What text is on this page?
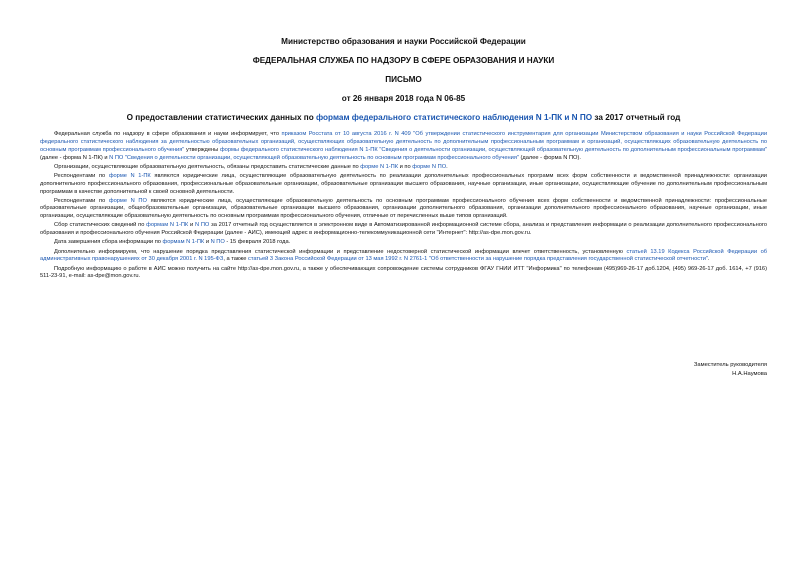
Министерство образования и науки Российской Федерации
ФЕДЕРАЛЬНАЯ СЛУЖБА ПО НАДЗОРУ В СФЕРЕ ОБРАЗОВАНИЯ И НАУКИ
ПИСЬМО
от 26 января 2018 года N 06-85
О предоставлении статистических данных по формам федерального статистического наблюдения N 1-ПК и N ПО за 2017 отчетный год

Федеральная служба по надзору в сфере образования и науки информирует, что приказом Росстата от 10 августа 2016 г. N 409 "Об утверждении статистического инструментария для организации Министерством образования и науки Российской Федерации федерального статистического наблюдения за деятельностью образовательных организаций, осуществляющих образовательную деятельность по дополнительным профессиональным программам и организаций, осуществляющих образовательную деятельность по основным программам профессионального обучения" утверждены формы федерального статистического наблюдения N 1-ПК "Сведения о деятельности организации, осуществляющей образовательную деятельность по дополнительным профессиональным программам" (далее - форма N 1-ПК) и N ПО "Сведения о деятельности организации, осуществляющей образовательную деятельность по основным программам профессионального обучения" (далее - форма N ПО).

Организации, осуществляющие образовательную деятельность, обязаны предоставить статистические данные по форме N 1-ПК и по форме N ПО.

Респондентами по форме N 1-ПК являются юридические лица, осуществляющие образовательную деятельность по реализации дополнительных профессиональных программ всех форм собственности и ведомственной принадлежности: организации дополнительного профессионального образования, профессиональные образовательные организации, образовательные организации высшего образования, научные организации, иные организации, осуществляющие обучение по дополнительным профессиональным программам в качестве дополнительной к своей основной деятельности.

Респондентами по форме N ПО являются юридические лица, осуществляющие образовательную деятельность по основным программам профессионального обучения всех форм собственности и ведомственной принадлежности: профессиональные образовательные организации, общеобразовательные организации, образовательные организации высшего образования, организации дополнительного образования, организации дополнительного профессионального образования, научные организации, иные организации, осуществляющие образовательную деятельность по основным программам профессионального обучения, отличные от перечисленных выше типов организаций.

Сбор статистических сведений по формам N 1-ПК и N ПО за 2017 отчетный год осуществляется в электронном виде в Автоматизированной информационной системе сбора, анализа и представления информации о реализации дополнительного профессионального образования и профессионального обучения Российской Федерации (далее - АИС), имеющей адрес в информационно-телекоммуникационной сети "Интернет": http://as-dpe.mon.gov.ru.

Дата завершения сбора информации по формам N 1-ПК и N ПО - 15 февраля 2018 года.

Дополнительно информируем, что нарушение порядка представления статистической информации и представление недостоверной статистической информации влечет ответственность, установленную статьей 13.19 Кодекса Российской Федерации об административных правонарушениях от 30 декабря 2001 г. N 195-ФЗ, а также статьей 3 Закона Российской Федерации от 13 мая 1992 г. N 2761-1 "Об ответственности за нарушение порядка представления государственной статистической отчетности".

Подробную информацию о работе в АИС можно получить на сайте http://as-dpe.mon.gov.ru, а также у обеспечивающих сопровождение системы сотрудников ФГАУ ГНИИ ИТТ "Информика" по телефонам (495)969-26-17 доб.1204, (495) 969-26-17 доб. 1614, +7 (916) 511-23-91, e-mail: as-dpe@mon.gov.ru.

Заместитель руководителя
Н.А.Наумова
